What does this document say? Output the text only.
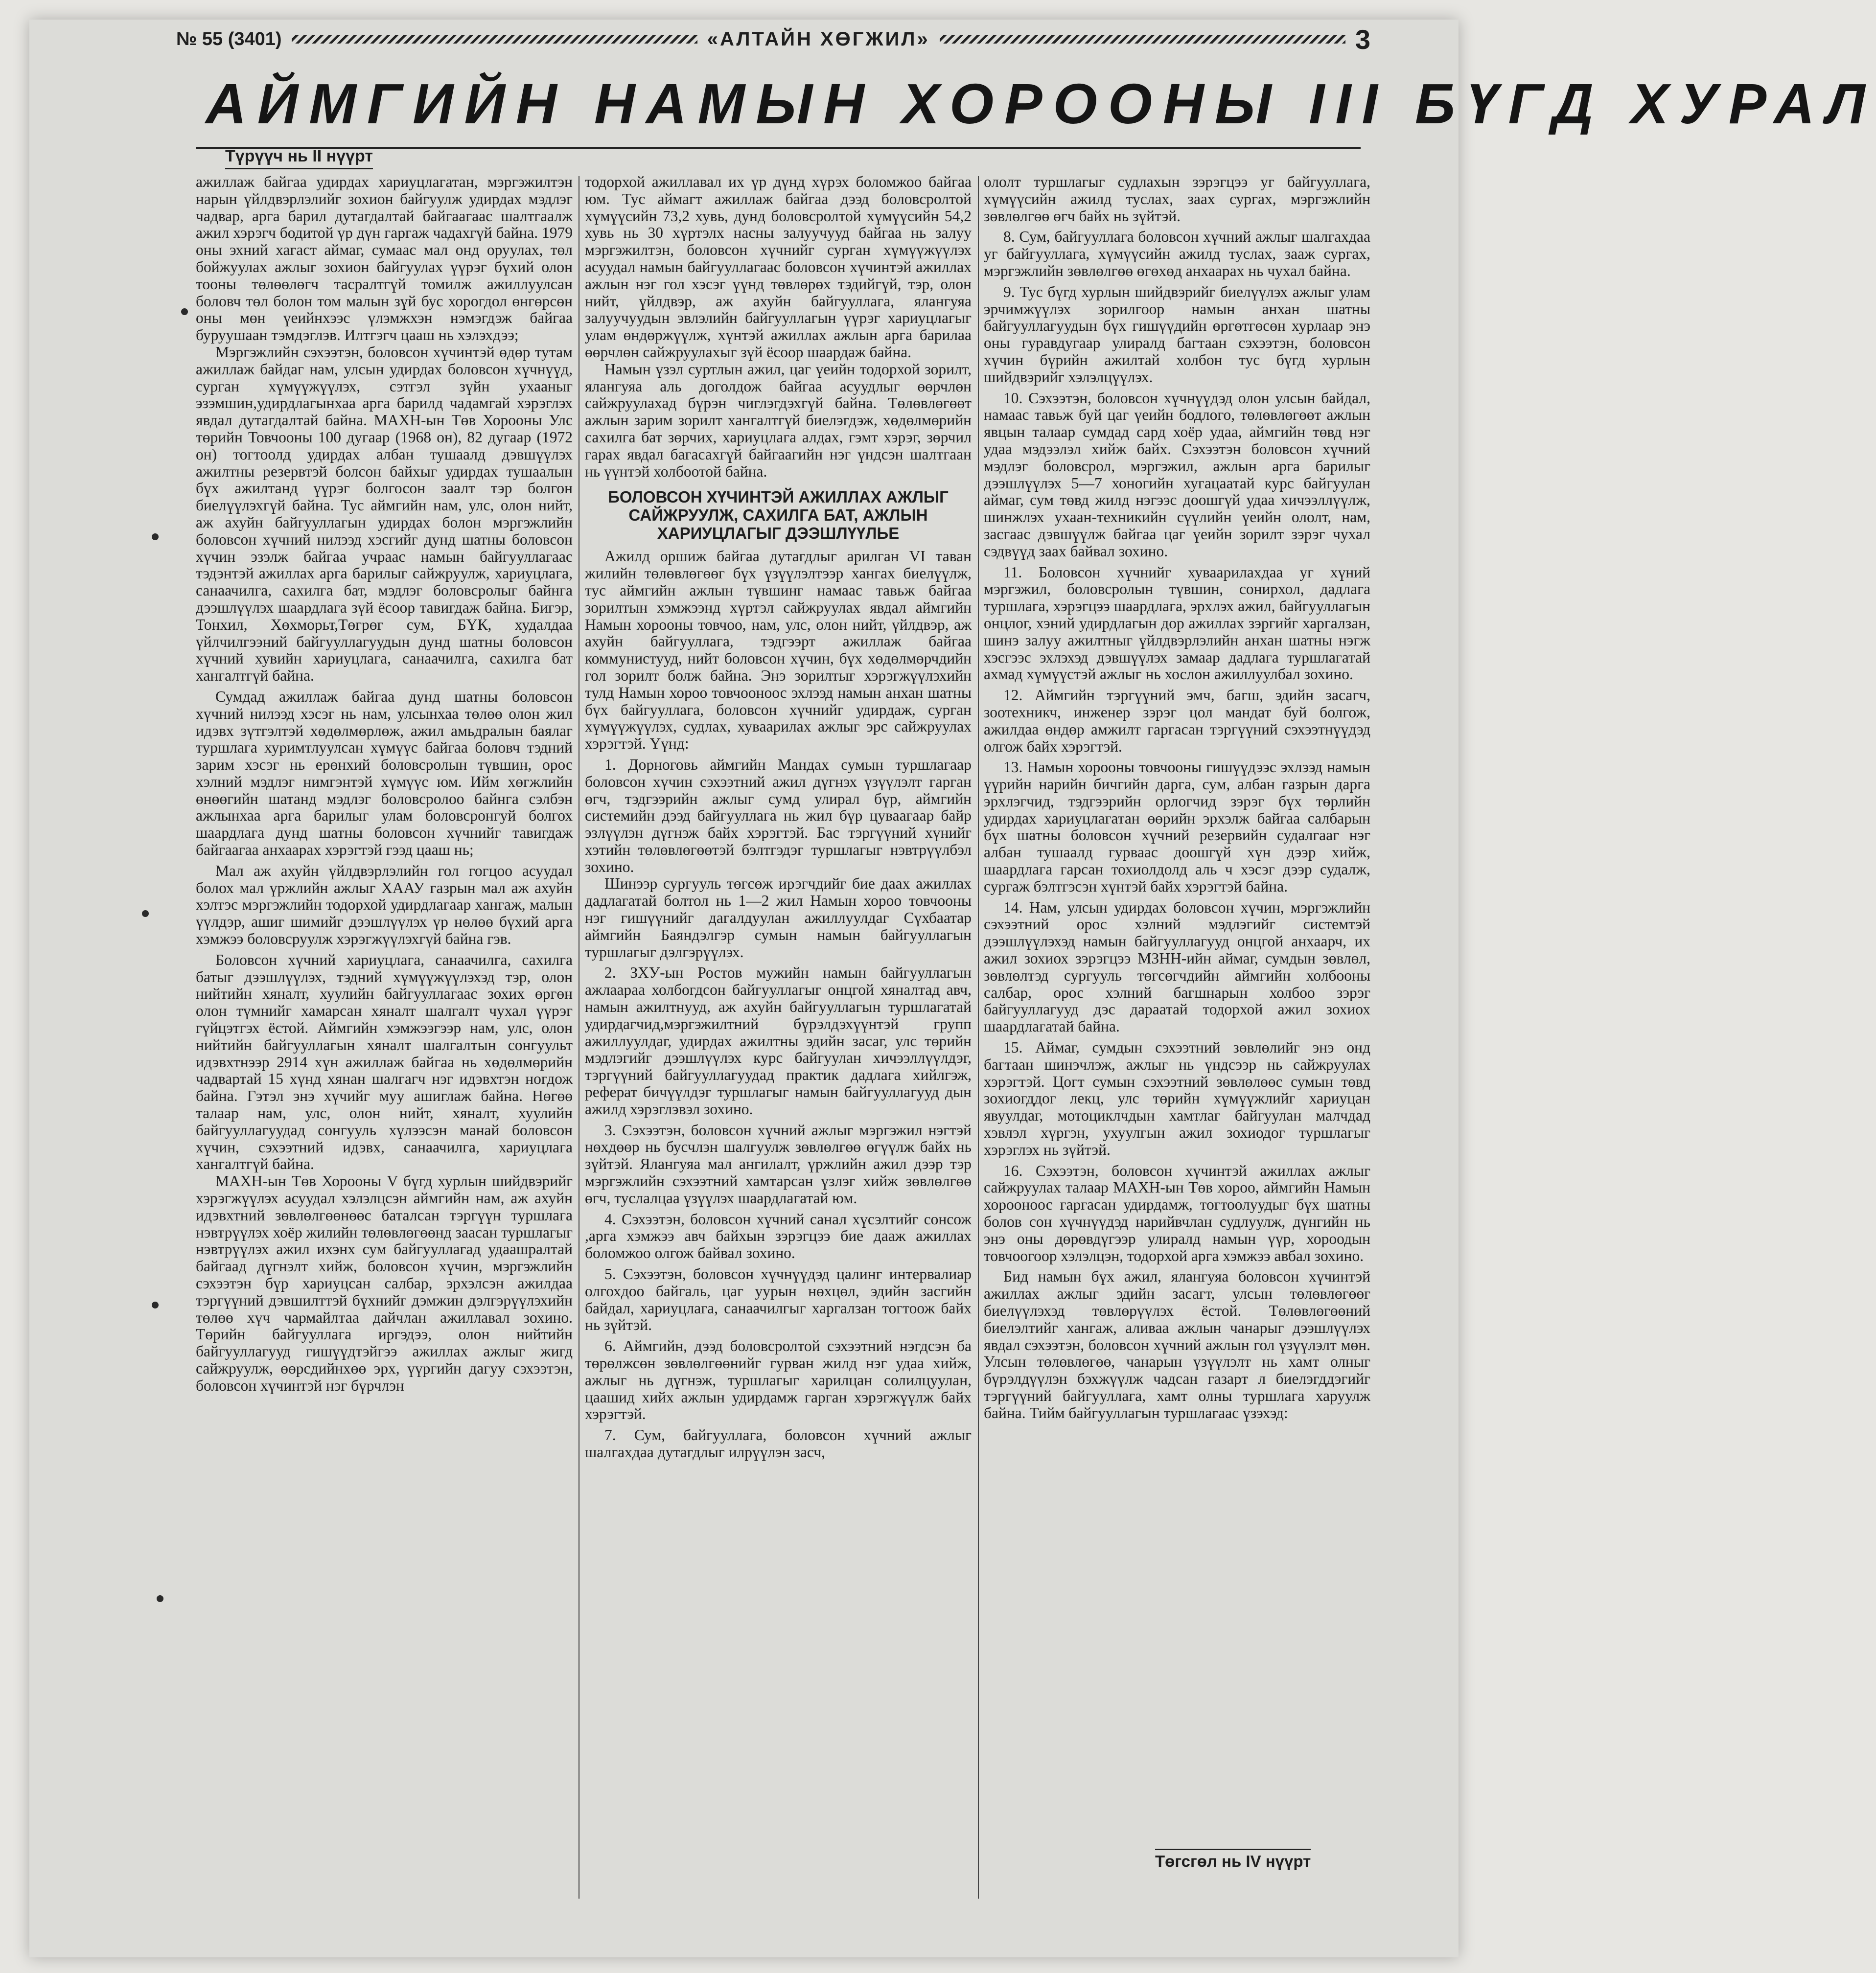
№ 55 (3401)	«АЛТАЙН ХӨГЖИЛ»	3
АЙМГИЙН НАМЫН ХОРООНЫ III БҮГД ХУРАЛ
Түрүүч нь II нүүрт

ажиллаж байгаа удирдах хариуцлагатан, мэргэжилтэн нарын үйлдвэрлэлийг зохион байгуулж удирдах мэдлэг чадвар, арга барил дутагдалтай байгаагаас шалтгаалж ажил хэрэгч бодитой үр дүн гаргаж чадахгүй байна. 1979 оны эхний хагаст аймаг, сумаас мал онд оруулах, төл бойжуулах ажлыг зохион байгуулах үүрэг бүхий олон тооны төлөөлөгч тасралтгүй томилж ажиллуулсан боловч төл болон том малын зүй бус хорогдол өнгөрсөн оны мөн үеийнхээс үлэмжхэн нэмэгдэж байгаа буруушаан тэмдэглэв. Илтгэгч цааш нь хэлэхдээ;

Мэргэжлийн сэхээтэн, боловсон хүчинтэй өдөр тутам ажиллаж байдаг нам, улсын удирдах боловсон хүчнүүд, сурган хүмүүжүүлэх, сэтгэл зүйн ухааныг эзэмшин,удирдлагынхаа арга барилд чадамгай хэрэглэх явдал дутагдалтай байна. МАХН-ын Төв Хорооны Улс төрийн Товчооны 100 дугаар (1968 он), 82 дугаар (1972 он) тогтоолд удирдах албан тушаалд дэвшүүлэх ажилтны резервтэй болсон байхыг удирдах тушаалын бүх ажилтанд үүрэг болгосон заалт тэр болгон биелүүлэхгүй байна. Тус аймгийн нам, улс, олон нийт, аж ахуйн байгууллагын удирдах болон мэргэжлийн боловсон хүчний нилээд хэсгийг дунд шатны боловсон хүчин эзэлж байгаа учраас намын байгууллагаас тэдэнтэй ажиллах арга барилыг сайжруулж, хариуцлага, санаачилга, сахилга бат, мэдлэг боловсролыг байнга дээшлүүлэх шаардлага зүй ёсоор тавигдаж байна. Бигэр, Тонхил, Хөхморьт,Төгрөг сум, БҮК, худалдаа үйлчилгээний байгууллагуудын дунд шатны боловсон хүчний хувийн хариуцлага, санаачилга, сахилга бат хангалтгүй байна.

Сумдад ажиллаж байгаа дунд шатны боловсон хүчний нилээд хэсэг нь нам, улсынхаа төлөө олон жил идэвх зүтгэлтэй хөдөлмөрлөж, ажил амьдралын баялаг туршлага хуримтлуулсан хүмүүс байгаа боловч тэдний зарим хэсэг нь ерөнхий боловсролын түвшин, орос хэлний мэдлэг нимгэнтэй хүмүүс юм. Ийм хөгжлийн өнөөгийн шатанд мэдлэг боловсролоо байнга сэлбэн ажлынхаа арга барилыг улам боловсронгуй болгох шаардлага дунд шатны боловсон хүчнийг тавигдаж байгаагаа анхаарах хэрэгтэй гээд цааш нь;

Мал аж ахуйн үйлдвэрлэлийн гол гогцоо асуудал болох мал үржлийн ажлыг ХААУ газрын мал аж ахуйн хэлтэс мэргэжлийн тодорхой удирдлагаар хангаж, малын үүлдэр, ашиг шимийг дээшлүүлэх үр нөлөө бүхий арга хэмжээ боловсруулж хэрэгжүүлэхгүй байна гэв.

Боловсон хүчний хариуцлага, санаачилга, сахилга батыг дээшлүүлэх, тэдний хүмүүжүүлэхэд тэр, олон нийтийн хяналт, хуулийн байгууллагаас зохих өргөн олон түмнийг хамарсан хяналт шалгалт чухал үүрэг гүйцэтгэх ёстой. Аймгийн хэмжээгээр нам, улс, олон нийтийн байгууллагын хяналт шалгалтын сонгуульт идэвхтнээр 2914 хүн ажиллаж байгаа нь хөдөлмөрийн чадвартай 15 хүнд хянан шалгагч нэг идэвхтэн ногдож байна. Гэтэл энэ хүчийг муу ашиглаж байна. Нөгөө талаар нам, улс, олон нийт, хяналт, хуулийн байгууллагуудад сонгууль хүлээсэн манай боловсон хүчин, сэхээтний идэвх, санаачилга, хариуцлага хангалтгүй байна.

МАХН-ын Төв Хорооны V бүгд хурлын шийдвэрийг хэрэгжүүлэх асуудал хэлэлцсэн аймгийн нам, аж ахуйн идэвхтний зөвлөлгөөнөөс баталсан тэргүүн туршлага нэвтрүүлэх хоёр жилийн төлөвлөгөөнд заасан туршлагыг нэвтрүүлэх ажил ихэнх сум байгууллагад удаашралтай байгаад дүгнэлт хийж, боловсон хүчин, мэргэжлийн сэхээтэн бүр хариуцсан салбар, эрхэлсэн ажилдаа тэргүүний дэвшилттэй бүхнийг дэмжин дэлгэрүүлэхийн төлөө хүч чармайлтаа дайчлан ажиллавал зохино. Төрийн байгууллага иргэдээ, олон нийтийн байгууллагууд гишүүдтэйгээ ажиллах ажлыг жигд сайжруулж, өөрсдийнхөө эрх, үүргийн дагуу сэхээтэн, боловсон хүчинтэй нэг бүрчлэн

тодорхой ажиллавал их үр дүнд хүрэх боломжоо байгаа юм. Тус аймагт ажиллаж байгаа дээд боловсролтой хүмүүсийн 73,2 хувь, дунд боловсролтой хүмүүсийн 54,2 хувь нь 30 хүртэлх насны залуучууд байгаа нь залуу мэргэжилтэн, боловсон хүчнийг сурган хүмүүжүүлэх асуудал намын байгууллагаас боловсон хүчинтэй ажиллах ажлын нэг гол хэсэг үүнд төвлөрөх тэдийгүй, тэр, олон нийт, үйлдвэр, аж ахуйн байгууллага, ялангуяа залуучуудын эвлэлийн байгууллагын үүрэг хариуцлагыг улам өндөржүүлж, хүнтэй ажиллах ажлын арга барилаа өөрчлөн сайжруулахыг зүй ёсоор шаардаж байна.

Намын үзэл суртлын ажил, цаг үеийн тодорхой зорилт, ялангуяа аль доголдож байгаа асуудлыг өөрчлөн сайжруулахад бүрэн чиглэгдэхгүй байна. Төлөвлөгөөт ажлын зарим зорилт хангалтгүй биелэгдэж, хөдөлмөрийн сахилга бат зөрчих, хариуцлага алдах, гэмт хэрэг, зөрчил гарах явдал багасахгүй байгаагийн нэг үндсэн шалтгаан нь үүнтэй холбоотой байна.

БОЛОВСОН ХҮЧИНТЭЙ АЖИЛЛАХ АЖЛЫГ САЙЖРУУЛЖ, САХИЛГА БАТ, АЖЛЫН ХАРИУЦЛАГЫГ ДЭЭШЛҮҮЛЬЕ

Ажилд оршиж байгаа дутагдлыг арилган VI таван жилийн төлөвлөгөөг бүх үзүүлэлтээр хангах биелүүлж, тус аймгийн ажлын түвшинг намаас тавьж байгаа зорилтын хэмжээнд хүртэл сайжруулах явдал аймгийн Намын хорооны товчоо, нам, улс, олон нийт, үйлдвэр, аж ахуйн байгууллага, тэдгээрт ажиллаж байгаа коммунистууд, нийт боловсон хүчин, бүх хөдөлмөрчдийн гол зорилт болж байна. Энэ зорилтыг хэрэгжүүлэхийн тулд Намын хороо товчооноос эхлээд намын анхан шатны бүх байгууллага, боловсон хүчнийг удирдаж, сурган хүмүүжүүлэх, судлах, хуваарилах ажлыг эрс сайжруулах хэрэгтэй. Үүнд:

1. Дорноговь аймгийн Мандах сумын туршлагаар боловсон хүчин сэхээтний ажил дүгнэх үзүүлэлт гарган өгч, тэдгээрийн ажлыг сумд улирал бүр, аймгийн системийн дээд байгууллага нь жил бүр цуваагаар байр эзлүүлэн дүгнэж байх хэрэгтэй. Бас тэргүүний хүнийг хэтийн төлөвлөгөөтэй бэлтгэдэг туршлагыг нэвтрүүлбэл зохино.

Шинээр сургууль төгсөж ирэгчдийг бие даах ажиллах дадлагатай болтол нь 1—2 жил Намын хороо товчооны нэг гишүүнийг дагалдуулан ажиллуулдаг Сүхбаатар аймгийн Баяндэлгэр сумын намын байгууллагын туршлагыг дэлгэрүүлэх.

2. ЗХУ-ын Ростов мужийн намын байгууллагын ажлаараа холбогдсон байгууллагыг онцгой хяналтад авч, намын ажилтнууд, аж ахуйн байгууллагын туршлагатай удирдагчид,мэргэжилтний бүрэлдэхүүнтэй групп ажиллуулдаг, удирдах ажилтны эдийн засаг, улс төрийн мэдлэгийг дээшлүүлэх курс байгуулан хичээллүүлдэг, тэргүүний байгууллагуудад практик дадлага хийлгэж, реферат бичүүлдэг туршлагыг намын байгууллагууд дын ажилд хэрэглэвэл зохино.

3. Сэхээтэн, боловсон хүчний ажлыг мэргэжил нэгтэй нөхдөөр нь бусчлэн шалгуулж зөвлөлгөө өгүүлж байх нь зүйтэй. Ялангуяа мал ангилалт, үржлийн ажил дээр тэр мэргэжлийн сэхээтний хамтарсан үзлэг хийж зөвлөлгөө өгч, туслалцаа үзүүлэх шаардлагатай юм.

4. Сэхээтэн, боловсон хүчний санал хүсэлтийг сонсож ,арга хэмжээ авч байхын зэрэгцээ бие дааж ажиллах боломжоо олгож байвал зохино.

5. Сэхээтэн, боловсон хүчнүүдэд цалинг интервалиар олгохдоо байгаль, цаг уурын нөхцөл, эдийн засгийн байдал, хариуцлага, санаачилгыг харгалзан тогтоож байх нь зүйтэй.

6. Аймгийн, дээд боловсролтой сэхээтний нэгдсэн ба төрөлжсөн зөвлөлгөөнийг гурван жилд нэг удаа хийж, ажлыг нь дүгнэж, туршлагыг харилцан солилцуулан, цаашид хийх ажлын удирдамж гарган хэрэгжүүлж байх хэрэгтэй.

7. Сум, байгууллага, боловсон хүчний ажлыг шалгахдаа дутагдлыг илрүүлэн засч,

ололт туршлагыг судлахын зэрэгцээ уг байгууллага, хүмүүсийн ажилд туслах, заах сургах, мэргэжлийн зөвлөлгөө өгч байх нь зүйтэй.

8. Сум, байгууллага боловсон хүчний ажлыг шалгахдаа уг байгууллага, хүмүүсийн ажилд туслах, зааж сургах, мэргэжлийн зөвлөлгөө өгөхөд анхаарах нь чухал байна.

9. Тус бүгд хурлын шийдвэрийг биелүүлэх ажлыг улам эрчимжүүлэх зорилгоор намын анхан шатны байгууллагуудын бүх гишүүдийн өргөтгөсөн хурлаар энэ оны гуравдугаар улиралд багтаан сэхээтэн, боловсон хүчин бүрийн ажилтай холбон тус бүгд хурлын шийдвэрийг хэлэлцүүлэх.

10. Сэхээтэн, боловсон хүчнүүдэд олон улсын байдал, намаас тавьж буй цаг үеийн бодлого, төлөвлөгөөт ажлын явцын талаар сумдад сард хоёр удаа, аймгийн төвд нэг удаа мэдээлэл хийж байх. Сэхээтэн боловсон хүчний мэдлэг боловсрол, мэргэжил, ажлын арга барилыг дээшлүүлэх 5—7 хоногийн хугацаатай курс байгуулан аймаг, сум төвд жилд нэгээс доошгүй удаа хичээллүүлж, шинжлэх ухаан-техникийн сүүлийн үеийн ололт, нам, засгаас дэвшүүлж байгаа цаг үеийн зорилт зэрэг чухал сэдвүүд заах байвал зохино.

11. Боловсон хүчнийг хуваарилахдаа уг хүний мэргэжил, боловсролын түвшин, сонирхол, дадлага туршлага, хэрэгцээ шаардлага, эрхлэх ажил, байгууллагын онцлог, хэний удирдлагын дор ажиллах зэргийг харгалзан, шинэ залуу ажилтныг үйлдвэрлэлийн анхан шатны нэгж хэсгээс эхлэхэд дэвшүүлэх замаар дадлага туршлагатай ахмад хүмүүстэй ажлыг нь хослон ажиллуулбал зохино.

12. Аймгийн тэргүүний эмч, багш, эдийн засагч, зоотехникч, инженер зэрэг цол мандат буй болгож, ажилдаа өндөр амжилт гаргасан тэргүүний сэхээтнүүдэд олгож байх хэрэгтэй.

13. Намын хорооны товчооны гишүүдээс эхлээд намын үүрийн нарийн бичгийн дарга, сум, албан газрын дарга эрхлэгчид, тэдгээрийн орлогчид зэрэг бүх төрлийн удирдах хариуцлагатан өөрийн эрхэлж байгаа салбарын бүх шатны боловсон хүчний резервийн судалгааг нэг албан тушаалд гурваас доошгүй хүн дээр хийж, шаардлага гарсан тохиолдолд аль ч хэсэг дээр судалж, сургаж бэлтгэсэн хүнтэй байх хэрэгтэй байна.

14. Нам, улсын удирдах боловсон хүчин, мэргэжлийн сэхээтний орос хэлний мэдлэгийг системтэй дээшлүүлэхэд намын байгууллагууд онцгой анхаарч, их ажил зохиох зэрэгцээ МЗНН-ийн аймаг, сумдын зөвлөл, зөвлөлтэд сургууль төгсөгчдийн аймгийн холбооны салбар, орос хэлний багшнарын холбоо зэрэг байгууллагууд дэс дараатай тодорхой ажил зохиох шаардлагатай байна.

15. Аймаг, сумдын сэхээтний зөвлөлийг энэ онд багтаан шинэчлэж, ажлыг нь үндсээр нь сайжруулах хэрэгтэй. Цогт сумын сэхээтний зөвлөлөөс сумын төвд зохиогддог лекц, улс төрийн хүмүүжлийг хариуцан явуулдаг, мотоциклчдын хамтлаг байгуулан малчдад хэвлэл хүргэн, ухуулгын ажил зохиодог туршлагыг хэрэглэх нь зүйтэй.

16. Сэхээтэн, боловсон хүчинтэй ажиллах ажлыг сайжруулах талаар МАХН-ын Төв хороо, аймгийн Намын хорооноос гаргасан удирдамж, тогтоолуудыг бүх шатны болов сон хүчнүүдэд нарийвчлан судлуулж, дүнгийн нь энэ оны дөрөвдүгээр улиралд намын үүр, хороодын товчоогоор хэлэлцэн, тодорхой арга хэмжээ авбал зохино.

Бид намын бүх ажил, ялангуяа боловсон хүчинтэй ажиллах ажлыг эдийн засагт, улсын төлөвлөгөөг биелүүлэхэд төвлөрүүлэх ёстой. Төлөвлөгөөний биелэлтийг хангаж, аливаа ажлын чанарыг дээшлүүлэх явдал сэхээтэн, боловсон хүчний ажлын гол үзүүлэлт мөн. Улсын төлөвлөгөө, чанарын үзүүлэлт нь хамт олныг бүрэлдүүлэн бэхжүүлж чадсан газарт л биелэгддэгийг тэргүүний байгууллага, хамт олны туршлага харуулж байна. Тийм байгууллагын туршлагаас үзэхэд:

Төгсгөл нь IV нүүрт
